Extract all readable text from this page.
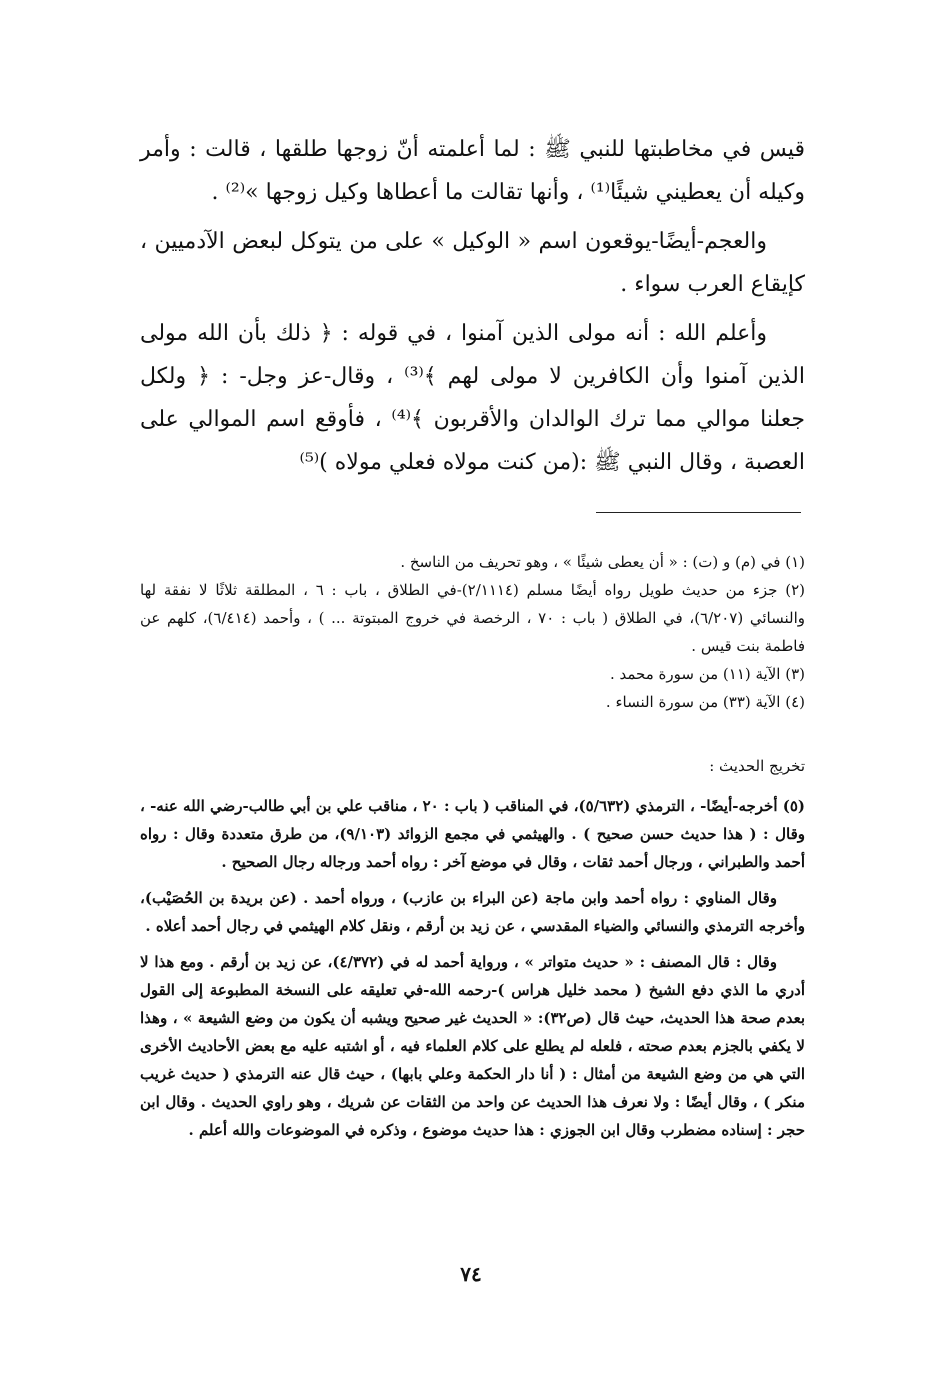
قيس في مخاطبتها للنبي ﷺ : لما أعلمته أنّ زوجها طلقها ، قالت : وأمر وكيله أن يعطيني شيئًا⁽¹⁾ ، وأنها تقالت ما أعطاها وكيل زوجها »⁽²⁾ .

والعجم-أيضًا-يوقعون اسم « الوكيل » على من يتوكل لبعض الآدميين ، كإيقاع العرب سواء .

وأعلم الله : أنه مولى الذين آمنوا ، في قوله : ﴿ ذلك بأن الله مولى الذين آمنوا وأن الكافرين لا مولى لهم ﴾⁽³⁾ ، وقال-عز وجل- : ﴿ ولكل جعلنا موالي مما ترك الوالدان والأقربون ﴾⁽⁴⁾ ، فأوقع اسم الموالي على العصبة ، وقال النبي ﷺ :(من كنت مولاه فعلي مولاه )⁽⁵⁾

(١) في (م) و (ت) : « أن يعطى شيئًا » ، وهو تحريف من الناسخ .

(٢) جزء من حديث طويل رواه أيضًا مسلم (٢/١١١٤)-في الطلاق ، باب : ٦ ، المطلقة ثلاثًا لا نفقة لها والنسائي (٦/٢٠٧)، في الطلاق ( باب : ٧٠ ، الرخصة في خروج المبتوتة ... ) ، وأحمد (٦/٤١٤)، كلهم عن فاطمة بنت قيس .

(٣) الآية (١١) من سورة محمد .

(٤) الآية (٣٣) من سورة النساء .

تخريج الحديث :

(٥) أخرجه-أيضًا- ، الترمذي (٥/٦٣٢)، في المناقب ( باب : ٢٠ ، مناقب علي بن أبي طالب-رضي الله عنه- ، وقال : ( هذا حديث حسن صحيح ) . والهيثمي في مجمع الزوائد (٩/١٠٣)، من طرق متعددة وقال : رواه أحمد والطبراني ، ورجال أحمد ثقات ، وقال في موضع آخر : رواه أحمد ورجاله رجال الصحيح .

وقال المناوي : رواه أحمد وابن ماجة (عن البراء بن عازب) ، ورواه أحمد . (عن بريدة بن الحُصَيْب)، وأخرجه الترمذي والنسائي والضياء المقدسي ، عن زيد بن أرقم ، ونقل كلام الهيثمي في رجال أحمد أعلاه .

وقال : قال المصنف : « حديث متواتر » ، ورواية أحمد له في (٤/٣٧٢)، عن زيد بن أرقم . ومع هذا لا أدري ما الذي دفع الشيخ ( محمد خليل هراس )-رحمه الله-في تعليقه على النسخة المطبوعة إلى القول بعدم صحة هذا الحديث، حيث قال (ص٣٢): « الحديث غير صحيح ويشبه أن يكون من وضع الشيعة » ، وهذا لا يكفي بالجزم بعدم صحته ، فلعله لم يطلع على كلام العلماء فيه ، أو اشتبه عليه مع بعض الأحاديث الأخرى التي هي من وضع الشيعة من أمثال : ( أنا دار الحكمة وعلي بابها) ، حيث قال عنه الترمذي ( حديث غريب منكر ) ، وقال أيضًا : ولا نعرف هذا الحديث عن واحد من الثقات عن شريك ، وهو راوي الحديث . وقال ابن حجر : إسناده مضطرب وقال ابن الجوزي : هذا حديث موضوع ، وذكره في الموضوعات والله أعلم .

٧٤
